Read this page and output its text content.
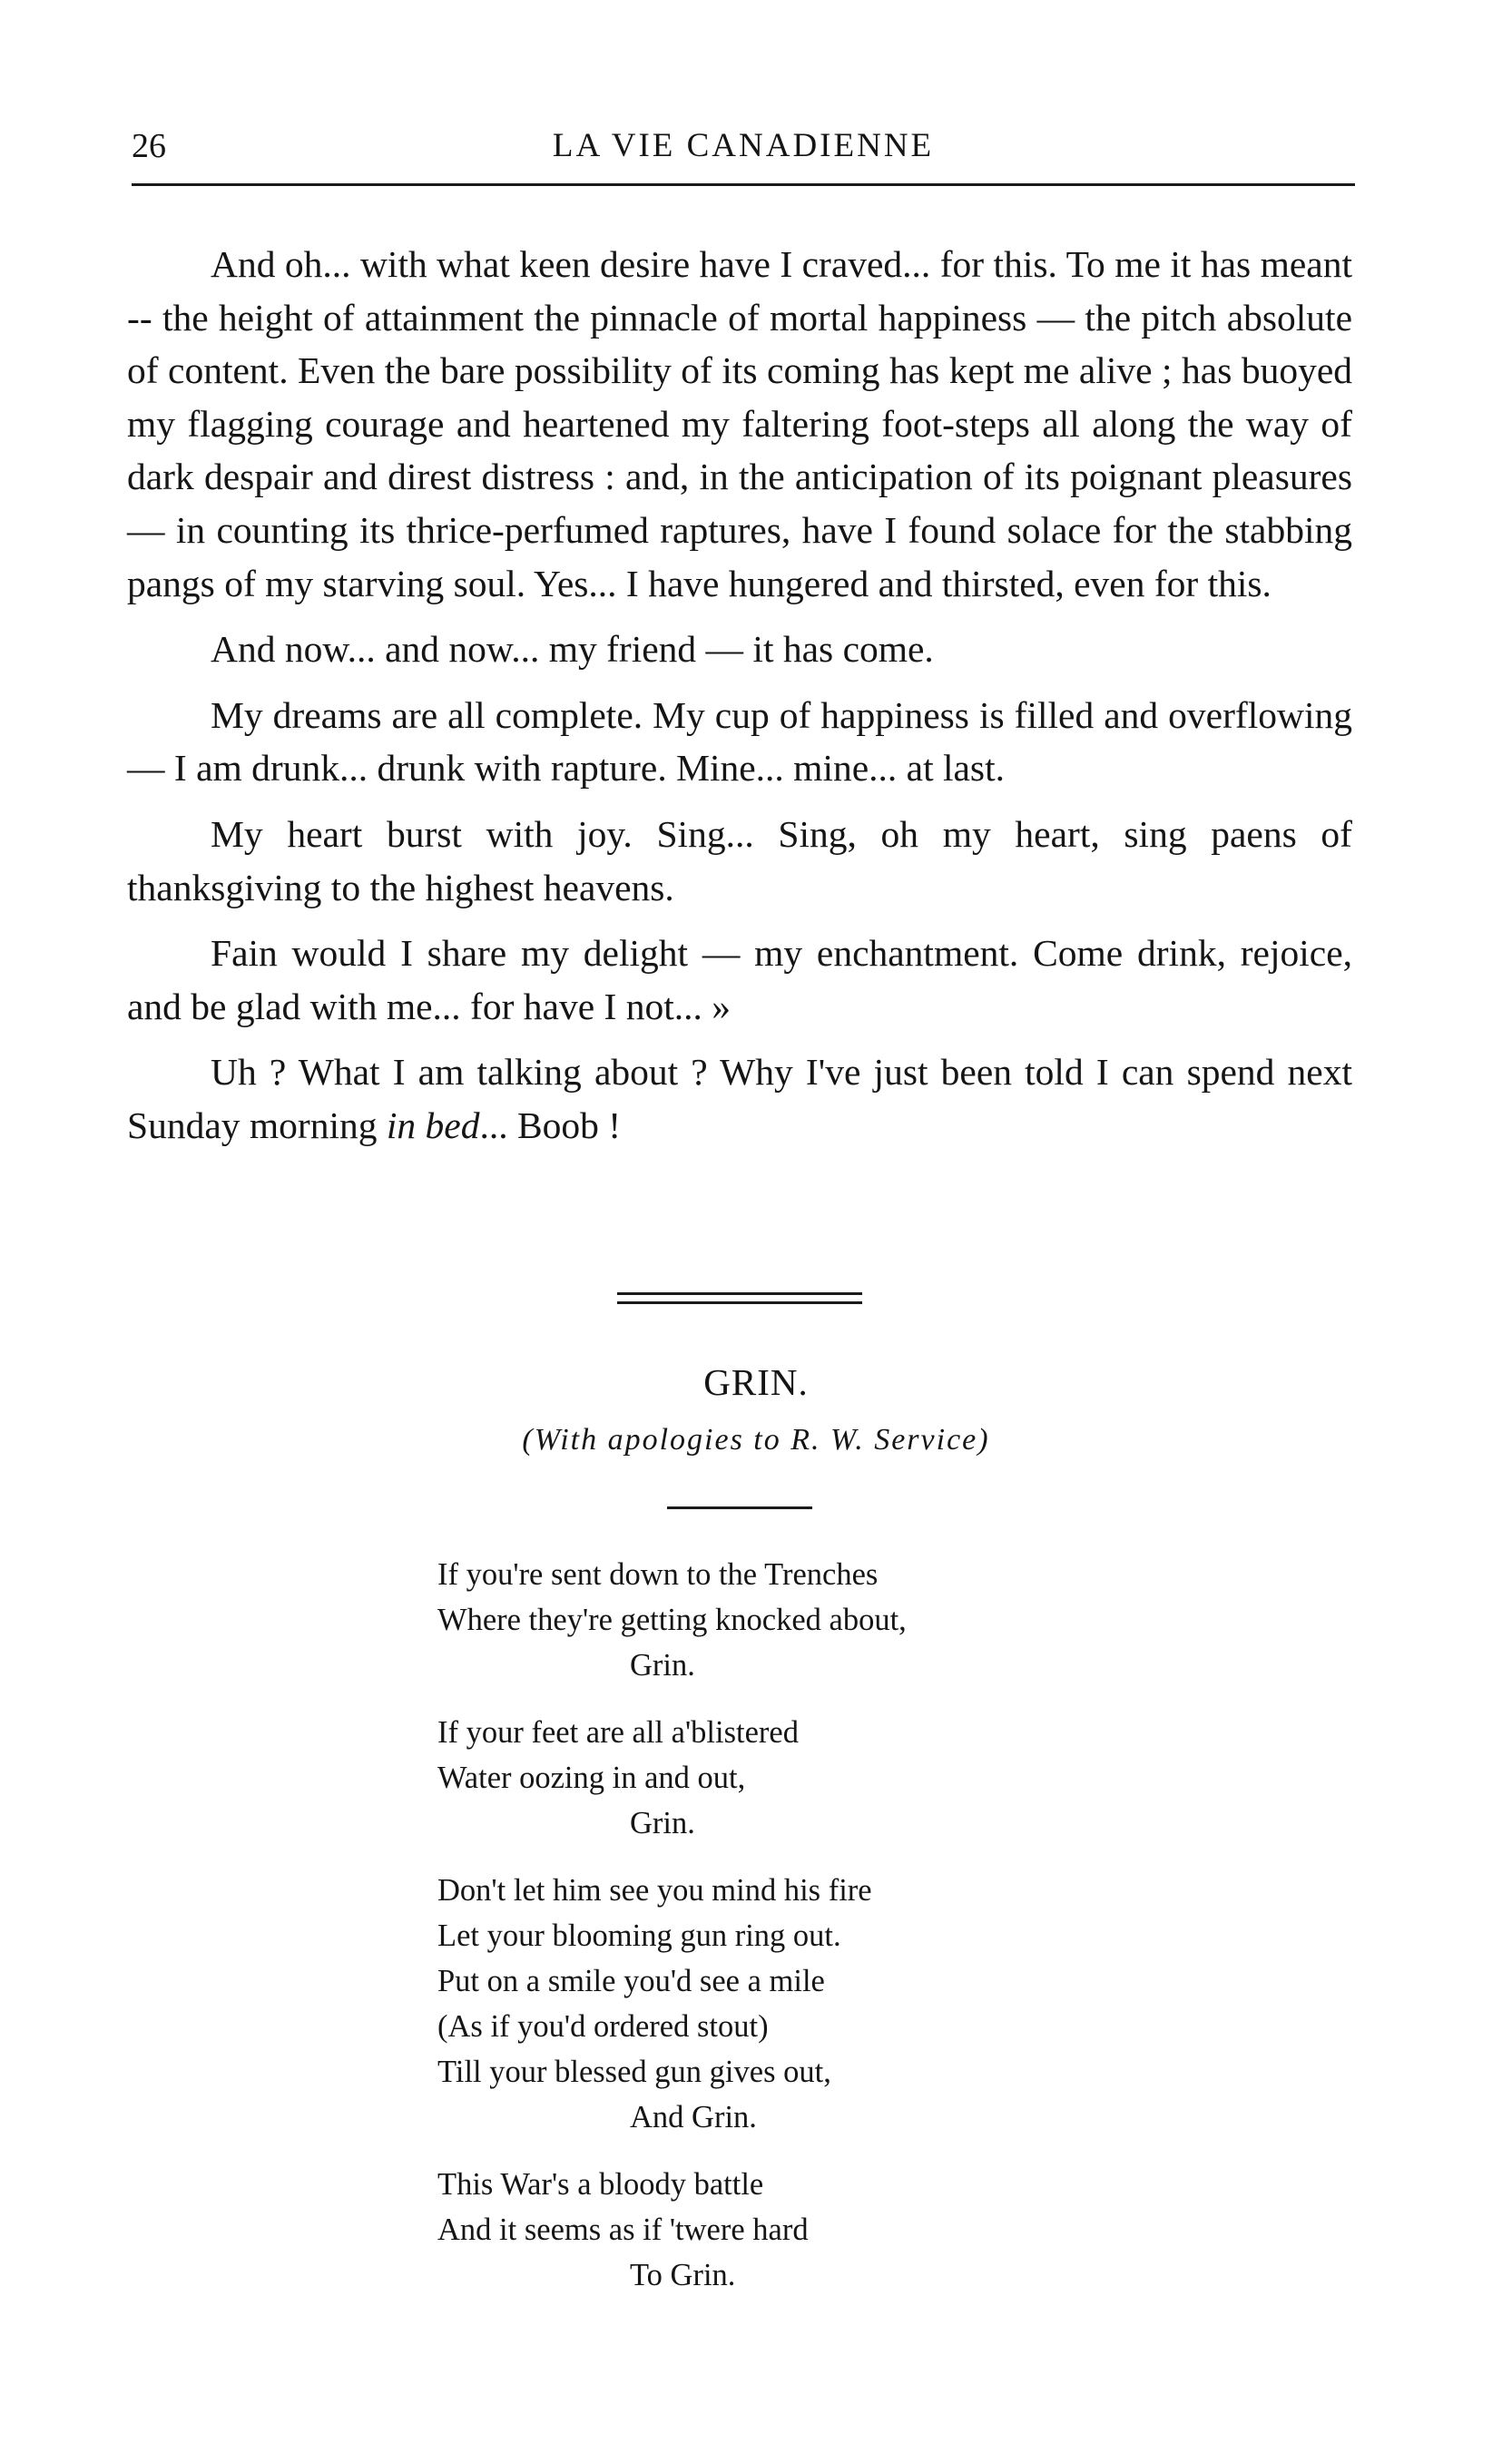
26	LA VIE CANADIENNE

And oh... with what keen desire have I craved... for this. To me it has meant -- the height of attainment the pinnacle of mortal happiness — the pitch absolute of content. Even the bare possibility of its coming has kept me alive ; has buoyed my flagging courage and heartened my faltering foot-steps all along the way of dark despair and direst distress : and, in the anticipation of its poignant pleasures — in counting its thrice-perfumed raptures, have I found solace for the stabbing pangs of my starving soul. Yes... I have hungered and thirsted, even for this.

And now... and now... my friend — it has come.

My dreams are all complete. My cup of happiness is filled and overflowing — I am drunk... drunk with rapture. Mine... mine... at last.

My heart burst with joy. Sing... Sing, oh my heart, sing paens of thanksgiving to the highest heavens.

Fain would I share my delight — my enchantment. Come drink, rejoice, and be glad with me... for have I not... »

Uh ? What I am talking about ? Why I've just been told I can spend next Sunday morning in bed... Boob !

GRIN.
(With apologies to R. W. Service)
If you're sent down to the Trenches
Where they're getting knocked about,
Grin.
If your feet are all a'blistered
Water oozing in and out,
Grin.
Don't let him see you mind his fire
Let your blooming gun ring out.
Put on a smile you'd see a mile
(As if you'd ordered stout)
Till your blessed gun gives out,
And Grin.
This War's a bloody battle
And it seems as if 'twere hard
To Grin.
